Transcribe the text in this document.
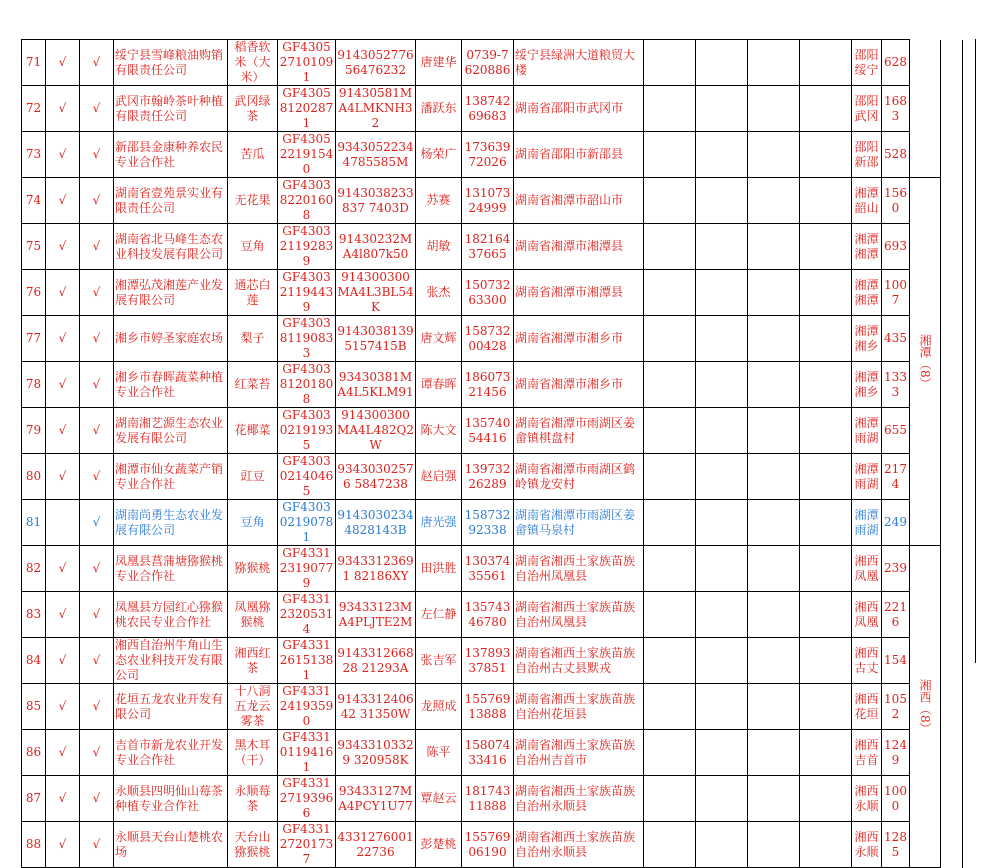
71	√	√	绥宁县雪峰粮油购销有限责任公司	稻香软米（大米）	GF430527101091	914305277656476232	唐建华	0739-7620886	绥宁县绿洲大道粮贸大楼					邵阳绥宁	628		
72	√	√	武冈市翰岭茶叶种植有限责任公司	武冈绿茶	GF430581202871	91430581MA4LMKNH32	潘跃东	13874269683	湖南省邵阳市武冈市					邵阳武冈	1683		
73	√	√	新邵县金康种养农民专业合作社	苦瓜	GF430522191540	93430522344785585M	杨荣广	17363972026	湖南省邵阳市新邵县					邵阳新邵	528		
74	√	√	湖南省壹苑景实业有限责任公司	无花果	GF430382201608	9143038233837 7403D	苏赛	13107324999	湖南省湘潭市韶山市					湘潭韶山	1560	湘潭（8）	
75	√	√	湖南省北马峰生态农业科技发展有限公司	豆角	GF430321192839	91430232MA4l807k50	胡敏	18216437665	湖南省湘潭市湘潭县					湘潭湘潭	693		
76	√	√	湘潭弘茂湘莲产业发展有限公司	通芯白莲	GF430321194439	914300300MA4L3BL54K	张杰	15073263300	湖南省湘潭市湘潭县					湘潭湘潭	1007		
77	√	√	湘乡市婷圣家庭农场	梨子	GF430381190833	91430381395157415B	唐文辉	15873200428	湖南省湘潭市湘乡市					湘潭湘乡	435		
78	√	√	湘乡市春晖蔬菜种植专业合作社	红菜苔	GF430381201808	93430381MA4L5KLM91	谭春晖	18607321456	湖南省湘潭市湘乡市					湘潭湘乡	1333		
79	√	√	湖南湘艺源生态农业发展有限公司	花椰菜	GF430302191935	914300300MA4L482Q2W	陈大文	13574054416	湖南省湘潭市雨湖区姜畲镇棋盘村					湘潭雨湖	655		
80	√	√	湘潭市仙女蔬菜产销专业合作社	豇豆	GF430302140465	93430302576 5847238	赵启强	13973226289	湖南省湘潭市雨湖区鹤岭镇龙安村					湘潭雨湖	2174		
81		√	湖南尚勇生态农业发展有限公司	豆角	GF430302190781	91430302344828143B	唐光强	15873292338	湖南省湘潭市雨湖区姜畲镇马泉村					湘潭雨湖	249		
82	√	√	凤凰县菖蒲塘猕猴桃专业合作社	猕猴桃	GF433123190779	93433123691 82186XY	田洪胜	13037435561	湖南省湘西土家族苗族自治州凤凰县					湘西凤凰	239	湘西（8）	
83	√	√	凤凰县方园红心猕猴桃农民专业合作社	凤凰猕猴桃	GF433123205314	93433123MA4PLJTE2M	左仁静	13574346780	湖南省湘西土家族苗族自治州凤凰县					湘西凤凰	2216		
84	√	√	湘西自治州牛角山生态农业科技开发有限公司	湘西红茶	GF433126151381	914331266828 21293A	张吉军	13789337851	湖南省湘西土家族苗族自治州古丈县默戎					湘西古丈	154		
85	√	√	花垣五龙农业开发有限公司	十八洞五龙云雾茶	GF433124193590	914331240642 31350W	龙照成	15576913888	湖南省湘西土家族苗族自治州花垣县					湘西花垣	1052		
86	√	√	吉首市新龙农业开发专业合作社	黑木耳（干）	GF433101194161	93433103329 320958K	陈平	15807433416	湖南省湘西土家族苗族自治州吉首市					湘西吉首	1249		
87	√	√	永顺县四明仙山莓茶种植专业合作社	永顺莓茶	GF433127193966	93433127MA4PCY1U77	覃赵云	18174311888	湖南省湘西土家族苗族自治州永顺县					湘西永顺	1000		
88	√	√	永顺县天台山楚桃农场	天台山猕猴桃	GF433127201737	433127600122736	彭楚桃	15576906190	湖南省湘西土家族苗族自治州永顺县					湘西永顺	1285		
